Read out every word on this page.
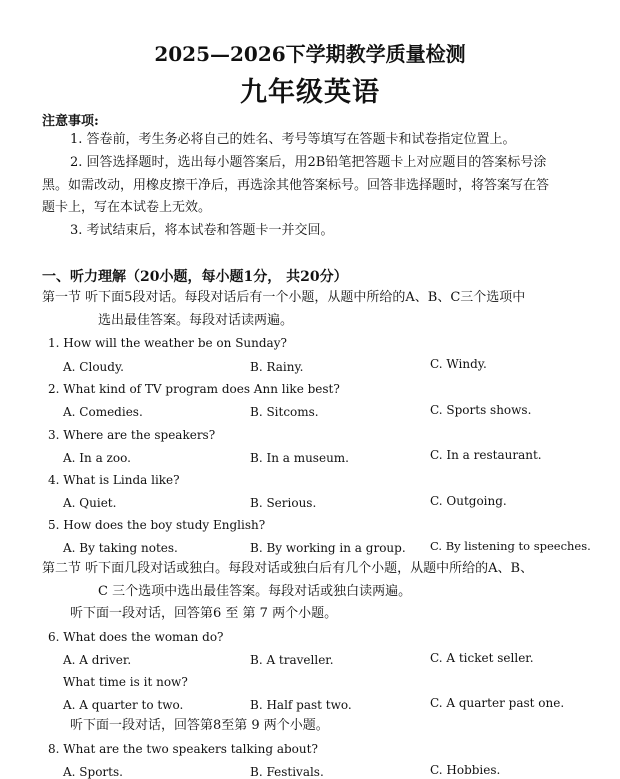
2025—2026下学期教学质量检测
九年级英语
注意事项:
1. 答卷前，考生务必将自己的姓名、考号等填写在答题卡和试卷指定位置上。
2. 回答选择题时，选出每小题答案后，用2B铅笔把答题卡上对应题目的答案标号涂
黑。如需改动，用橡皮擦干净后，再选涂其他答案标号。回答非选择题时，将答案写在答
题卡上，写在本试卷上无效。
3. 考试结束后，将本试卷和答题卡一并交回。
一、听力理解（20小题，每小题1分， 共20分）
第一节 听下面5段对话。每段对话后有一个小题，从题中所给的A、B、C三个选项中
选出最佳答案。每段对话读两遍。
1. How will the weather be on Sunday?
A. Cloudy.	B. Rainy.	C. Windy.
2. What kind of TV program does Ann like best?
A. Comedies.	B. Sitcoms.	C. Sports shows.
3. Where are the speakers?
A. In a zoo.	B. In a museum.	C. In a restaurant.
4. What is Linda like?
A. Quiet.	B. Serious.	C. Outgoing.
5. How does the boy study English?
A. By taking notes.	B. By working in a group. C. By listening to speeches.
第二节 听下面几段对话或独白。每段对话或独白后有几个小题，从题中所给的A、B、
C 三个选项中选出最佳答案。每段对话或独白读两遍。
听下面一段对话，回答第6 至 第 7 两个小题。
6. What does the woman do?
A. A driver.	B. A traveller.	C. A ticket seller.
What time is it now?
A. A quarter to two.	B. Half past two.	C. A quarter past one.
听下面一段对话，回答第8至第 9 两个小题。
8. What are the two speakers talking about?
A. Sports.	B. Festivals.	C. Hobbies.
